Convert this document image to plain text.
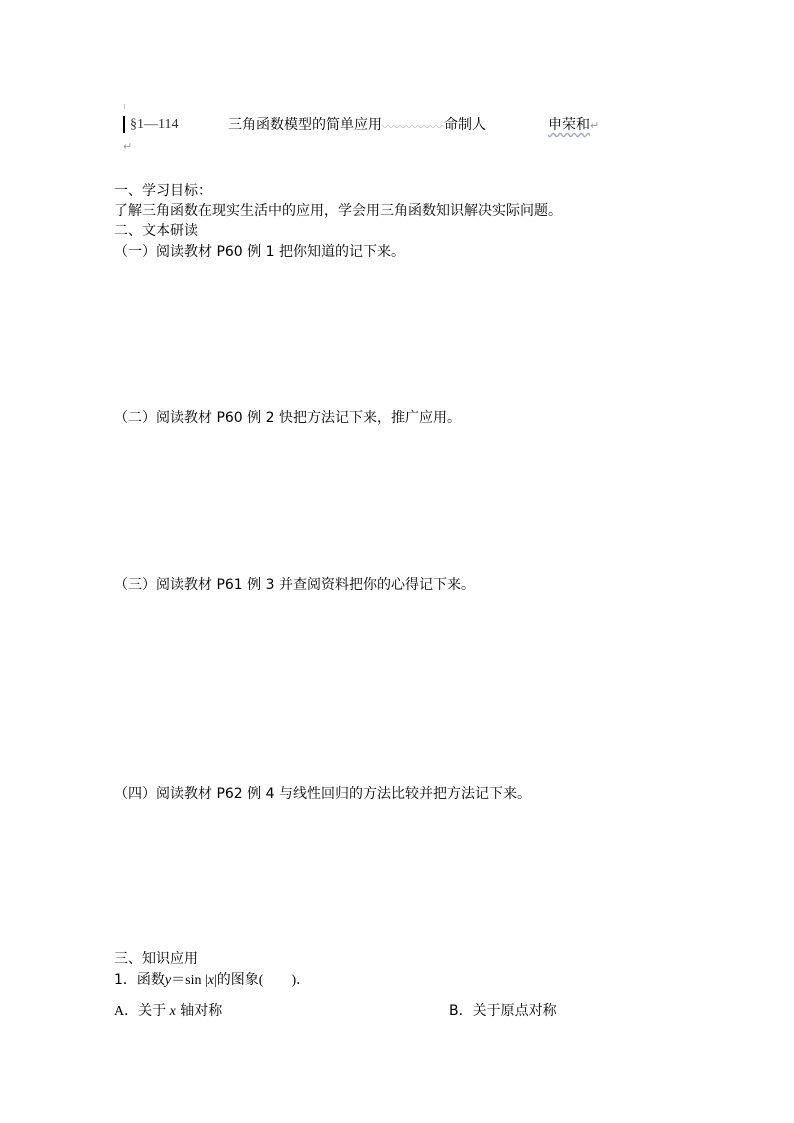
§1—114	三角函数模型的简单应用	命制人	申荣和↵
↵
一、学习目标：
了解三角函数在现实生活中的应用，学会用三角函数知识解决实际问题。
二、文本研读
（一）阅读教材 P60 例 1 把你知道的记下来。
（二）阅读教材 P60 例 2 快把方法记下来，推广应用。
（三）阅读教材 P61 例 3 并查阅资料把你的心得记下来。
（四）阅读教材 P62 例 4 与线性回归的方法比较并把方法记下来。
三、知识应用
1．函数y＝sin |x|的图象(　　)．
A．关于 x 轴对称	B．关于原点对称
